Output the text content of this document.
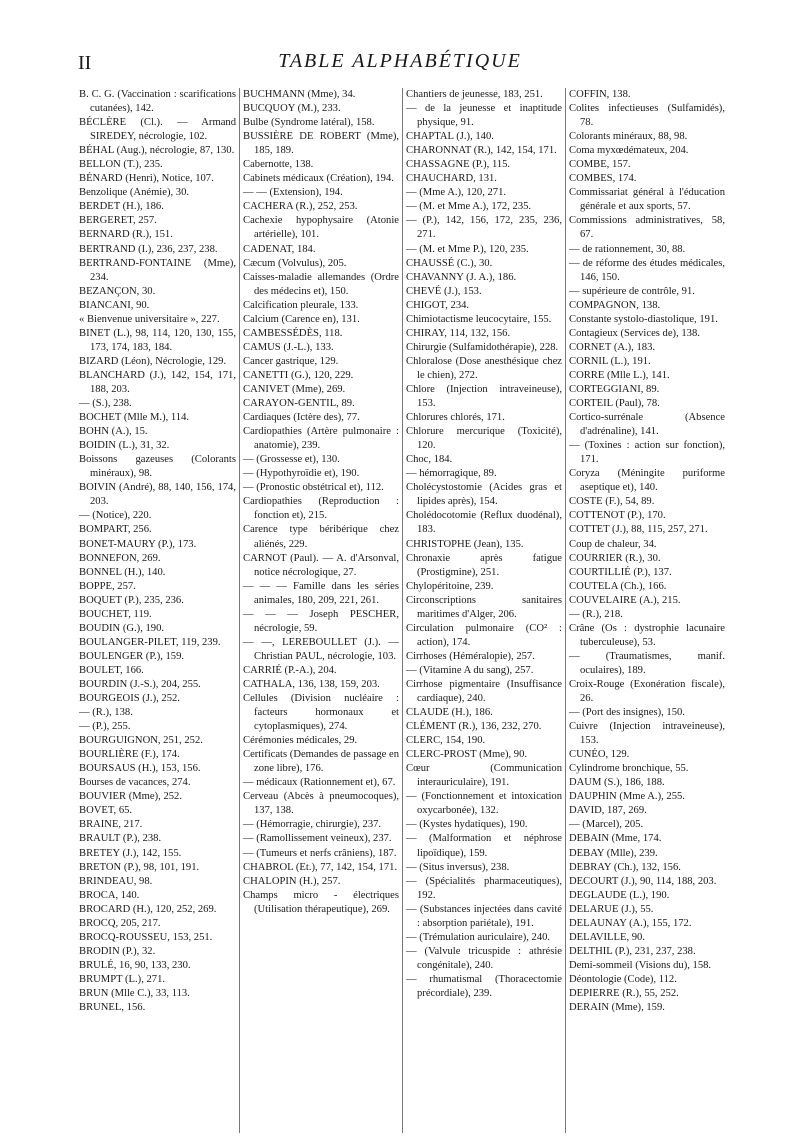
II	TABLE ALPHABÉTIQUE

B. C. G. (Vaccination : scarifications cutanées), 142.

BÉCLÈRE (Cl.). — Armand SIREDEY, nécrologie, 102.

BÉHAL (Aug.), nécrologie, 87, 130.

BELLON (T.), 235.

BÉNARD (Henri), Notice, 107.

Benzolique (Anémie), 30.

BERDET (H.), 186.

BERGERET, 257.

BERNARD (R.), 151.

BERTRAND (I.), 236, 237, 238.

BERTRAND-FONTAINE (Mme), 234.

BEZANÇON, 30.

BIANCANI, 90.

« Bienvenue universitaire », 227.

BINET (L.), 98, 114, 120, 130, 155, 173, 174, 183, 184.

BIZARD (Léon), Nécrologie, 129.

BLANCHARD (J.), 142, 154, 171, 188, 203.

— (S.), 238.

BOCHET (Mlle M.), 114.

BOHN (A.), 15.

BOIDIN (L.), 31, 32.

Boissons gazeuses (Colorants minéraux), 98.

BOIVIN (André), 88, 140, 156, 174, 203.

— (Notice), 220.

BOMPART, 256.

BONET-MAURY (P.), 173.

BONNEFON, 269.

BONNEL (H.), 140.

BOPPE, 257.

BOQUET (P.), 235, 236.

BOUCHET, 119.

BOUDIN (G.), 190.

BOULANGER-PILET, 119, 239.

BOULENGER (P.), 159.

BOULET, 166.

BOURDIN (J.-S.), 204, 255.

BOURGEOIS (J.), 252.

— (R.), 138.

— (P.), 255.

BOURGUIGNON, 251, 252.

BOURLIÈRE (F.), 174.

BOURSAUS (H.), 153, 156.

Bourses de vacances, 274.

BOUVIER (Mme), 252.

BOVET, 65.

BRAINE, 217.

BRAULT (P.), 238.

BRETEY (J.), 142, 155.

BRETON (P.), 98, 101, 191.

BRINDEAU, 98.

BROCA, 140.

BROCARD (H.), 120, 252, 269.

BROCQ, 205, 217.

BROCQ-ROUSSEU, 153, 251.

BRODIN (P.), 32.

BRULÉ, 16, 90, 133, 230.

BRUMPT (L.), 271.

BRUN (Mlle C.), 33, 113.

BRUNEL, 156.

BUCHMANN (Mme), 34.

BUCQUOY (M.), 233.

Bulbe (Syndrome latéral), 158.

BUSSIÈRE DE ROBERT (Mme), 185, 189.

Cabernotte, 138.

Cabinets médicaux (Création), 194.

— — (Extension), 194.

CACHERA (R.), 252, 253.

Cachexie hypophysaire (Atonie artérielle), 101.

CADENAT, 184.

Cæcum (Volvulus), 205.

Caisses-maladie allemandes (Ordre des médecins et), 150.

Calcification pleurale, 133.

Calcium (Carence en), 131.

CAMBESSÉDÈS, 118.

CAMUS (J.-L.), 133.

Cancer gastrique, 129.

CANETTI (G.), 120, 229.

CANIVET (Mme), 269.

CARAYON-GENTIL, 89.

Cardiaques (Ictère des), 77.

Cardiopathies (Artère pulmonaire : anatomie), 239.

— (Grossesse et), 130.

— (Hypothyroïdie et), 190.

— (Pronostic obstétrical et), 112.

Cardiopathies (Reproduction : fonction et), 215.

Carence type béribérique chez aliénés, 229.

CARNOT (Paul). — A. d'Arsonval, notice nécrologique, 27.

— — — Famille dans les séries animales, 180, 209, 221, 261.

— — — Joseph PESCHER, nécrologie, 59.

— —, LEREBOULLET (J.). — Christian PAUL, nécrologie, 103.

CARRIÉ (P.-A.), 204.

CATHALA, 136, 138, 159, 203.

Cellules (Division nucléaire : facteurs hormonaux et cytoplasmiques), 274.

Cérémonies médicales, 29.

Certificats (Demandes de passage en zone libre), 176.

— médicaux (Rationnement et), 67.

Cerveau (Abcès à pneumocoques), 137, 138.

— (Hémorragie, chirurgie), 237.

— (Ramollissement veineux), 237.

— (Tumeurs et nerfs crâniens), 187.

CHABROL (Et.), 77, 142, 154, 171.

CHALOPIN (H.), 257.

Champs micro - électriques (Utilisation thérapeutique), 269.

Chantiers de jeunesse, 183, 251.

— de la jeunesse et inaptitude physique, 91.

CHAPTAL (J.), 140.

CHARONNAT (R.), 142, 154, 171.

CHASSAGNE (P.), 115.

CHAUCHARD, 131.

— (Mme A.), 120, 271.

— (M. et Mme A.), 172, 235.

— (P.), 142, 156, 172, 235, 236, 271.

— (M. et Mme P.), 120, 235.

CHAUSSÉ (C.), 30.

CHAVANNY (J. A.), 186.

CHEVÉ (J.), 153.

CHIGOT, 234.

Chimiotactisme leucocytaire, 155.

CHIRAY, 114, 132, 156.

Chirurgie (Sulfamidothérapie), 228.

Chloralose (Dose anesthésique chez le chien), 272.

Chlore (Injection intraveineuse), 153.

Chlorures chlorés, 171.

Chlorure mercurique (Toxicité), 120.

Choc, 184.

— hémorragique, 89.

Cholécystostomie (Acides gras et lipides après), 154.

Cholédocotomie (Reflux duodénal), 183.

CHRISTOPHE (Jean), 135.

Chronaxie après fatigue (Prostigmine), 251.

Chylopéritoine, 239.

Circonscriptions sanitaires maritimes d'Alger, 206.

Circulation pulmonaire (CO² : action), 174.

Cirrhoses (Héméralopie), 257.

— (Vitamine A du sang), 257.

Cirrhose pigmentaire (Insuffisance cardiaque), 240.

CLAUDE (H.), 186.

CLÉMENT (R.), 136, 232, 270.

CLERC, 154, 190.

CLERC-PROST (Mme), 90.

Cœur (Communication interauriculaire), 191.

— (Fonctionnement et intoxication oxycarbonée), 132.

— (Kystes hydatiques), 190.

— (Malformation et néphrose lipoïdique), 159.

— (Situs inversus), 238.

— (Spécialités pharmaceutiques), 192.

— (Substances injectées dans cavité : absorption pariétale), 191.

— (Trémulation auriculaire), 240.

— (Valvule tricuspide : athrésie congénitale), 240.

— rhumatismal (Thoracectomie précordiale), 239.

COFFIN, 138.

Colites infectieuses (Sulfamidés), 78.

Colorants minéraux, 88, 98.

Coma myxœdémateux, 204.

COMBE, 157.

COMBES, 174.

Commissariat général à l'éducation générale et aux sports, 57.

Commissions administratives, 58, 67.

— de rationnement, 30, 88.

— de réforme des études médicales, 146, 150.

— supérieure de contrôle, 91.

COMPAGNON, 138.

Constante systolo-diastolique, 191.

Contagieux (Services de), 138.

CORNET (A.), 183.

CORNIL (L.), 191.

CORRE (Mlle L.), 141.

CORTEGGIANI, 89.

CORTEIL (Paul), 78.

Cortico-surrénale (Absence d'adrénaline), 141.

— (Toxines : action sur fonction), 171.

Coryza (Méningite puriforme aseptique et), 140.

COSTE (F.), 54, 89.

COTTENOT (P.), 170.

COTTET (J.), 88, 115, 257, 271.

Coup de chaleur, 34.

COURRIER (R.), 30.

COURTILLIÉ (P.), 137.

COUTELA (Ch.), 166.

COUVELAIRE (A.), 215.

— (R.), 218.

Crâne (Os : dystrophie lacunaire tuberculeuse), 53.

— (Traumatismes, manif. oculaires), 189.

Croix-Rouge (Exonération fiscale), 26.

— (Port des insignes), 150.

Cuivre (Injection intraveineuse), 153.

CUNÉO, 129.

Cylindrome bronchique, 55.

DAUM (S.), 186, 188.

DAUPHIN (Mme A.), 255.

DAVID, 187, 269.

— (Marcel), 205.

DEBAIN (Mme, 174.

DEBAY (Mlle), 239.

DEBRAY (Ch.), 132, 156.

DECOURT (J.), 90, 114, 188, 203.

DEGLAUDE (L.), 190.

DELARUE (J.), 55.

DELAUNAY (A.), 155, 172.

DELAVILLE, 90.

DELTHIL (P.), 231, 237, 238.

Demi-sommeil (Visions du), 158.

Déontologie (Code), 112.

DEPIERRE (R.), 55, 252.

DERAIN (Mme), 159.
